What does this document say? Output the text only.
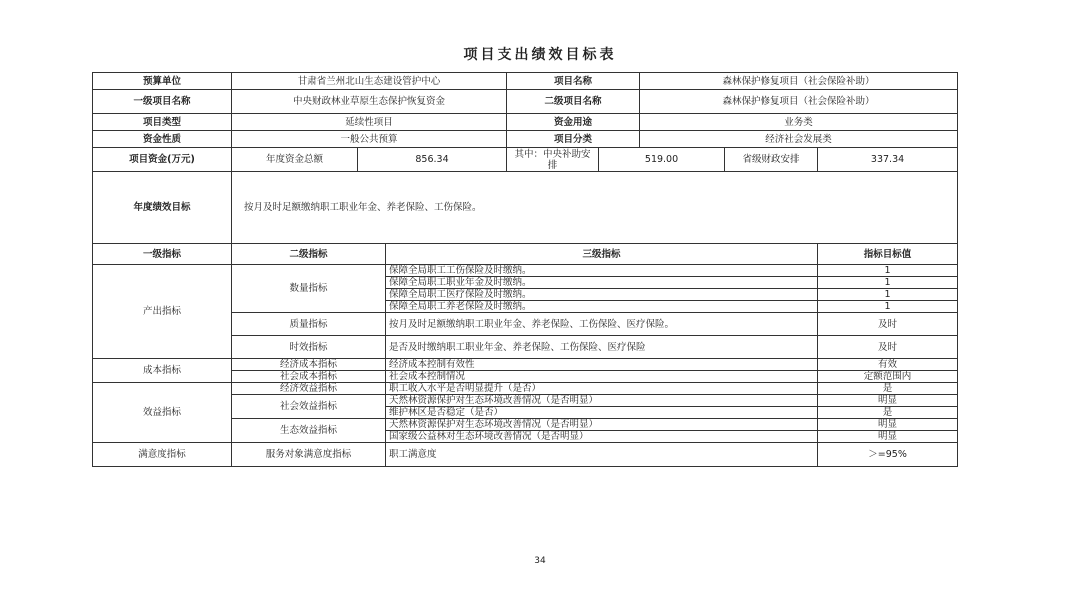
项目支出绩效目标表
预算单位	甘肃省兰州北山生态建设管护中心			项目名称		森林保护修复项目（社会保险补助）		
一级项目名称	中央财政林业草原生态保护恢复资金			二级项目名称		森林保护修复项目（社会保险补助）		
项目类型	延续性项目			资金用途		业务类		
资金性质	一般公共预算			项目分类		经济社会发展类		
项目资金(万元)	年度资金总额	856.34		其中：中央补助安排	519.00		省级财政安排	337.34
年度绩效目标	按月及时足额缴纳职工职业年金、养老保险、工伤保险。							
一级指标	二级指标		三级指标					指标目标值
产出指标	数量指标		保障全局职工工伤保险及时缴纳。					1
			保障全局职工职业年金及时缴纳。					1
			保障全局职工医疗保险及时缴纳。					1
			保障全局职工养老保险及时缴纳。					1
	质量指标		按月及时足额缴纳职工职业年金、养老保险、工伤保险、医疗保险。					及时
	时效指标		是否及时缴纳职工职业年金、养老保险、工伤保险、医疗保险					及时
成本指标	经济成本指标		经济成本控制有效性					有效
	社会成本指标		社会成本控制情况					定额范围内
效益指标	经济效益指标		职工收入水平是否明显提升（是否）					是
	社会效益指标		天然林资源保护对生态环境改善情况（是否明显）					明显
			维护林区是否稳定（是否）					是
	生态效益指标		天然林资源保护对生态环境改善情况（是否明显）					明显
			国家级公益林对生态环境改善情况（是否明显）					明显
满意度指标	服务对象满意度指标		职工满意度					＞=95%
34
